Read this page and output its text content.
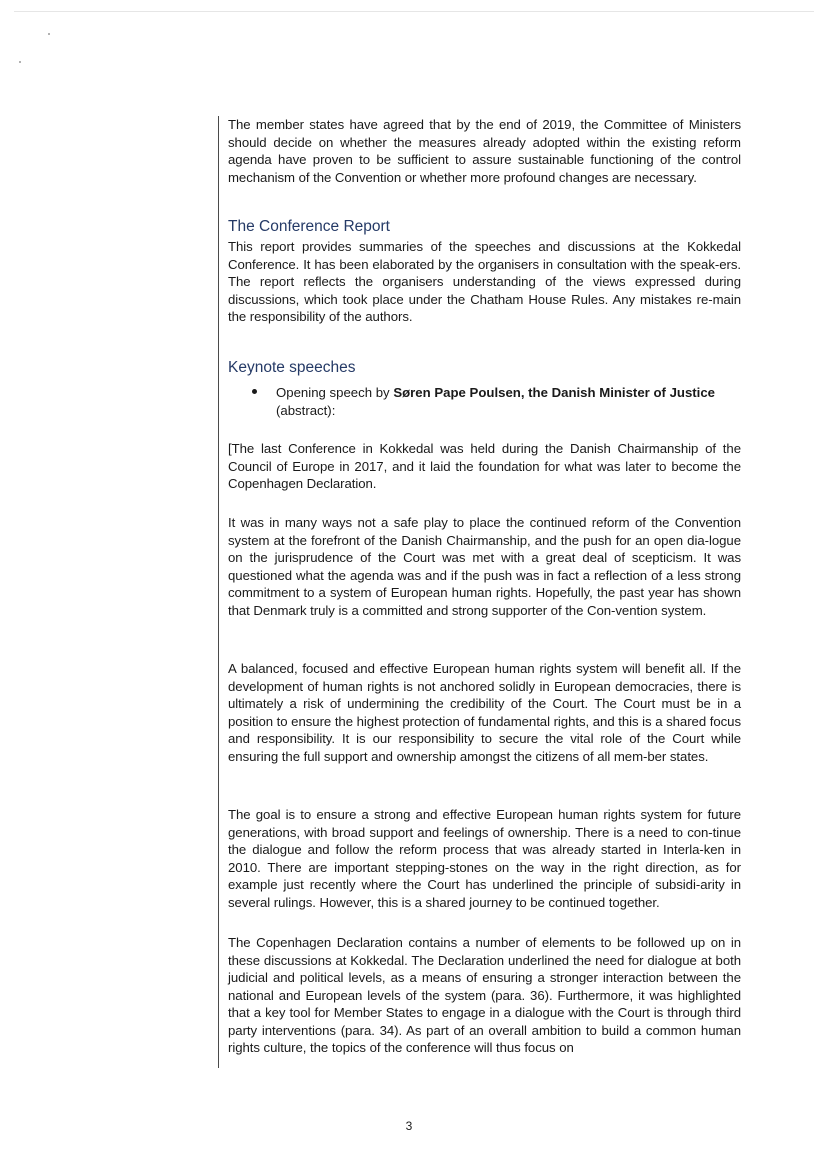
The member states have agreed that by the end of 2019, the Committee of Ministers should decide on whether the measures already adopted within the existing reform agenda have proven to be sufficient to assure sustainable functioning of the control mechanism of the Convention or whether more profound changes are necessary.

The Conference Report

This report provides summaries of the speeches and discussions at the Kokkedal Conference. It has been elaborated by the organisers in consultation with the speak-ers. The report reflects the organisers understanding of the views expressed during discussions, which took place under the Chatham House Rules. Any mistakes re-main the responsibility of the authors.

Keynote speeches

Opening speech by Søren Pape Poulsen, the Danish Minister of Justice (abstract):

[The last Conference in Kokkedal was held during the Danish Chairmanship of the Council of Europe in 2017, and it laid the foundation for what was later to become the Copenhagen Declaration.

It was in many ways not a safe play to place the continued reform of the Convention system at the forefront of the Danish Chairmanship, and the push for an open dia-logue on the jurisprudence of the Court was met with a great deal of scepticism. It was questioned what the agenda was and if the push was in fact a reflection of a less strong commitment to a system of European human rights. Hopefully, the past year has shown that Denmark truly is a committed and strong supporter of the Con-vention system.

A balanced, focused and effective European human rights system will benefit all. If the development of human rights is not anchored solidly in European democracies, there is ultimately a risk of undermining the credibility of the Court. The Court must be in a position to ensure the highest protection of fundamental rights, and this is a shared focus and responsibility. It is our responsibility to secure the vital role of the Court while ensuring the full support and ownership amongst the citizens of all mem-ber states.

The goal is to ensure a strong and effective European human rights system for future generations, with broad support and feelings of ownership. There is a need to con-tinue the dialogue and follow the reform process that was already started in Interla-ken in 2010. There are important stepping-stones on the way in the right direction, as for example just recently where the Court has underlined the principle of subsidi-arity in several rulings. However, this is a shared journey to be continued together.

The Copenhagen Declaration contains a number of elements to be followed up on in these discussions at Kokkedal. The Declaration underlined the need for dialogue at both judicial and political levels, as a means of ensuring a stronger interaction between the national and European levels of the system (para. 36). Furthermore, it was highlighted that a key tool for Member States to engage in a dialogue with the Court is through third party interventions (para. 34). As part of an overall ambition to build a common human rights culture, the topics of the conference will thus focus on

3
